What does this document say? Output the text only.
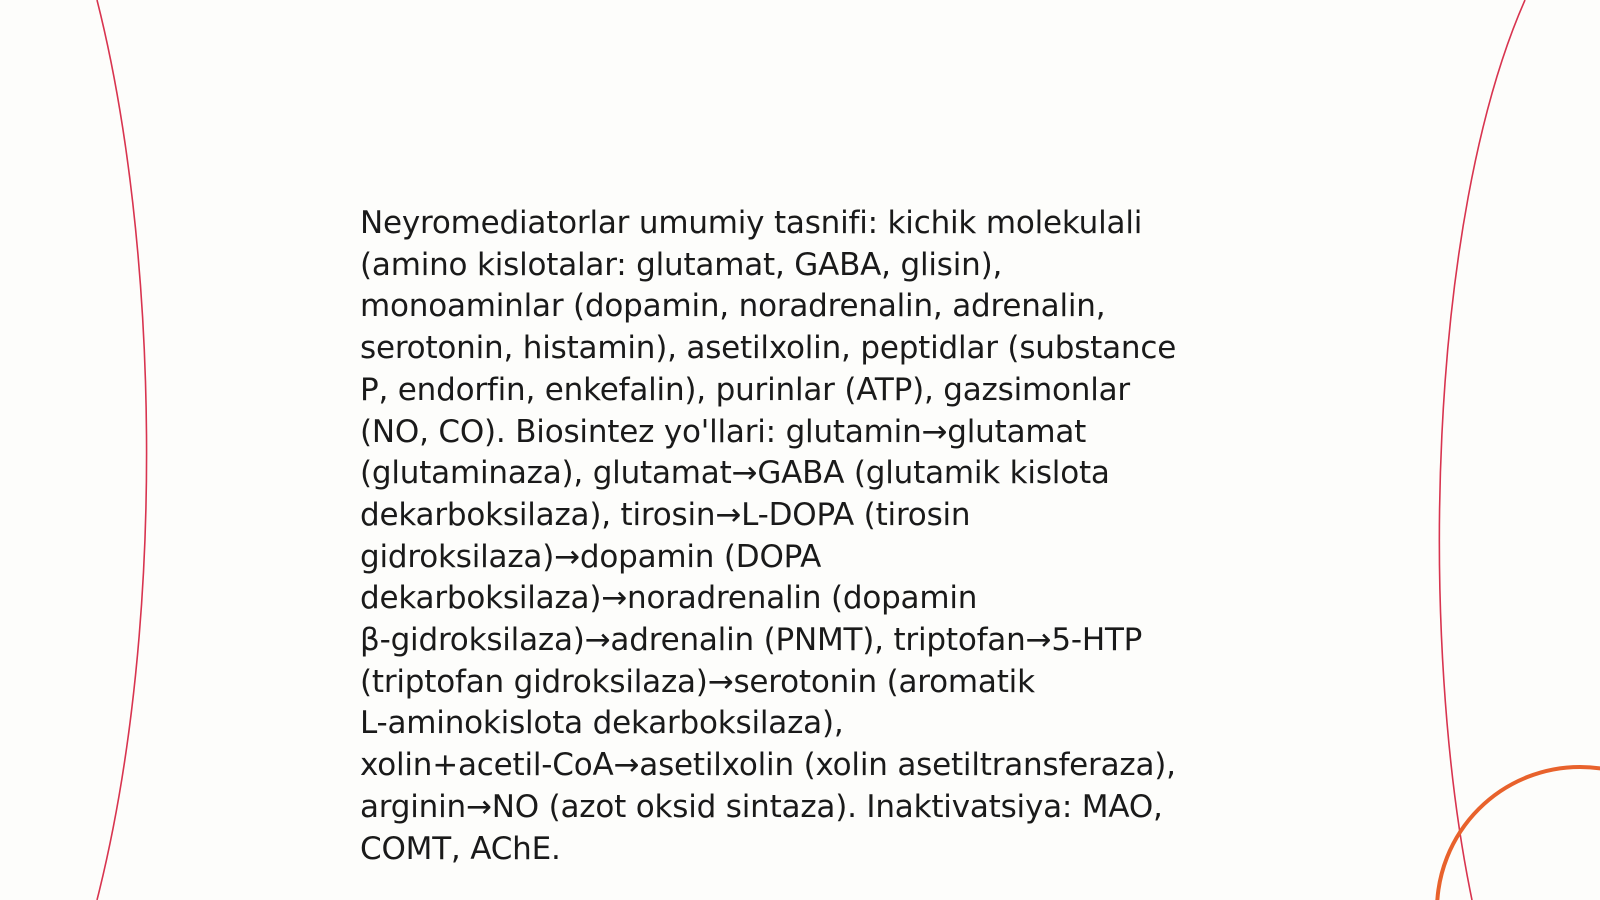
Neyromediatorlar umumiy tasnifi: kichik molekulali
(amino kislotalar: glutamat, GABA, glisin),
monoaminlar (dopamin, noradrenalin, adrenalin,
serotonin, histamin), asetilxolin, peptidlar (substance
P, endorfin, enkefalin), purinlar (ATP), gazsimonlar
(NO, CO). Biosintez yo'llari: glutamin→glutamat
(glutaminaza), glutamat→GABA (glutamik kislota
dekarboksilaza), tirosin→L-DOPA (tirosin
gidroksilaza)→dopamin (DOPA
dekarboksilaza)→noradrenalin (dopamin
β-gidroksilaza)→adrenalin (PNMT), triptofan→5-HTP
(triptofan gidroksilaza)→serotonin (aromatik
L-aminokislota dekarboksilaza),
xolin+acetil-CoA→asetilxolin (xolin asetiltransferaza),
arginin→NO (azot oksid sintaza). Inaktivatsiya: MAO,
COMT, AChE.
